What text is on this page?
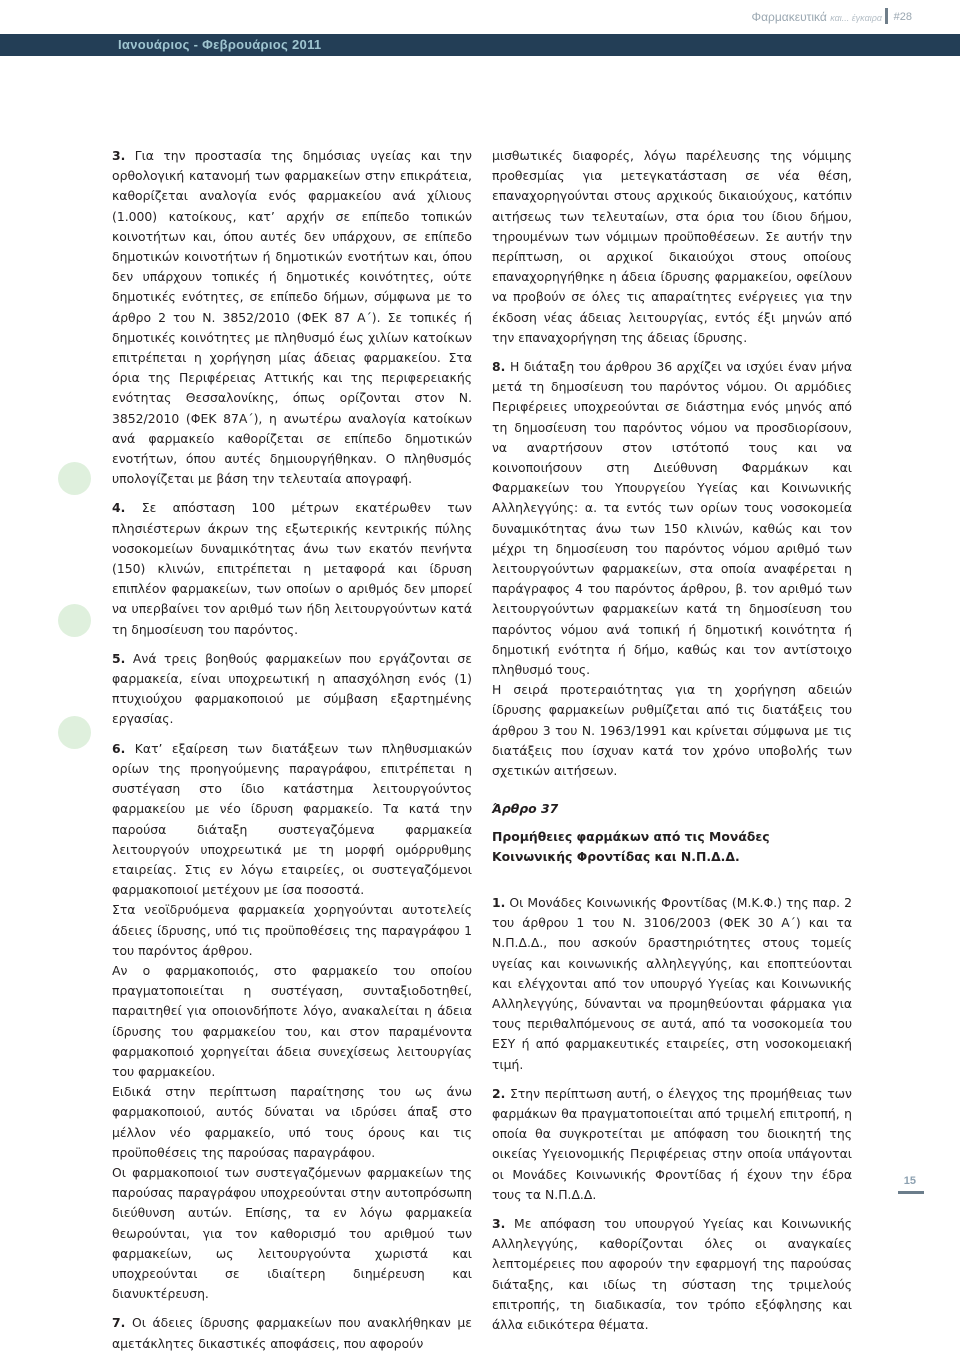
Φαρμακευτικά και... έγκαιρα #28
Ιανουάριος - Φεβρουάριος 2011

3. Για την προστασία της δημόσιας υγείας και την ορθολογική κατανομή των φαρμακείων στην επικράτεια, καθορίζεται αναλογία ενός φαρμακείου ανά χίλιους (1.000) κατοίκους, κατ’ αρχήν σε επίπεδο τοπικών κοινοτήτων και, όπου αυτές δεν υπάρχουν, σε επίπεδο δημοτικών κοινοτήτων ή δημοτικών ενοτήτων και, όπου δεν υπάρχουν τοπικές ή δημοτικές κοινότητες, ούτε δημοτικές ενότητες, σε επίπεδο δήμων, σύμφωνα με το άρθρο 2 του Ν. 3852/2010 (ΦΕΚ 87 Α΄). Σε τοπικές ή δημοτικές κοινότητες με πληθυσμό έως χιλίων κατοίκων επιτρέπεται η χορήγηση μίας άδειας φαρμακείου. Στα όρια της Περιφέρειας Αττικής και της περιφερειακής ενότητας Θεσσαλονίκης, όπως ορίζονται στον Ν. 3852/2010 (ΦΕΚ 87Α΄), η ανωτέρω αναλογία κατοίκων ανά φαρμακείο καθορίζεται σε επίπεδο δημοτικών ενοτήτων, όπου αυτές δημιουργήθηκαν. Ο πληθυσμός υπολογίζεται με βάση την τελευταία απογραφή.

4. Σε απόσταση 100 μέτρων εκατέρωθεν των πλησιέστερων άκρων της εξωτερικής κεντρικής πύλης νοσοκομείων δυναμικότητας άνω των εκατόν πενήντα (150) κλινών, επιτρέπεται η μεταφορά και ίδρυση επιπλέον φαρμακείων, των οποίων ο αριθμός δεν μπορεί να υπερβαίνει τον αριθμό των ήδη λειτουργούντων κατά τη δημοσίευση του παρόντος.

5. Ανά τρεις βοηθούς φαρμακείων που εργάζονται σε φαρμακεία, είναι υποχρεωτική η απασχόληση ενός (1) πτυχιούχου φαρμακοποιού με σύμβαση εξαρτημένης εργασίας.

6. Κατ’ εξαίρεση των διατάξεων των πληθυσμιακών ορίων της προηγούμενης παραγράφου, επιτρέπεται η συστέγαση στο ίδιο κατάστημα λειτουργούντος φαρμακείου με νέο ίδρυση φαρμακείο. Τα κατά την παρούσα διάταξη συστεγαζόμενα φαρμακεία λειτουργούν υποχρεωτικά με τη μορφή ομόρρυθμης εταιρείας. Στις εν λόγω εταιρείες, οι συστεγαζόμενοι φαρμακοποιοί μετέχουν με ίσα ποσοστά.

Στα νεοϊδρυόμενα φαρμακεία χορηγούνται αυτοτελείς άδειες ίδρυσης, υπό τις προϋποθέσεις της παραγράφου 1 του παρόντος άρθρου.

Αν ο φαρμακοποιός, στο φαρμακείο του οποίου πραγματοποιείται η συστέγαση, συνταξιοδοτηθεί, παραιτηθεί για οποιονδήποτε λόγο, ανακαλείται η άδεια ίδρυσης του φαρμακείου του, και στον παραμένοντα φαρμακοποιό χορηγείται άδεια συνεχίσεως λειτουργίας του φαρμακείου.

Ειδικά στην περίπτωση παραίτησης του ως άνω φαρμακοποιού, αυτός δύναται να ιδρύσει άπαξ στο μέλλον νέο φαρμακείο, υπό τους όρους και τις προϋποθέσεις της παρούσας παραγράφου.

Οι φαρμακοποιοί των συστεγαζόμενων φαρμακείων της παρούσας παραγράφου υποχρεούνται στην αυτοπρόσωπη διεύθυνση αυτών. Επίσης, τα εν λόγω φαρμακεία θεωρούνται, για τον καθορισμό του αριθμού των φαρμακείων, ως λειτουργούντα χωριστά και υποχρεούνται σε ιδιαίτερη διηµέρευση και διανυκτέρευση.

7. Οι άδειες ίδρυσης φαρμακείων που ανακλήθηκαν με αμετάκλητες δικαστικές αποφάσεις, που αφορούν

μισθωτικές διαφορές, λόγω παρέλευσης της νόμιμης προθεσμίας για μετεγκατάσταση σε νέα θέση, επαναχορηγούνται στους αρχικούς δικαιούχους, κατόπιν αιτήσεως των τελευταίων, στα όρια του ίδιου δήμου, τηρουμένων των νόμιμων προϋποθέσεων. Σε αυτήν την περίπτωση, οι αρχικοί δικαιούχοι στους οποίους επαναχορηγήθηκε η άδεια ίδρυσης φαρμακείου, οφείλουν να προβούν σε όλες τις απαραίτητες ενέργειες για την έκδοση νέας άδειας λειτουργίας, εντός έξι μηνών από την επαναχορήγηση της άδειας ίδρυσης.

8. Η διάταξη του άρθρου 36 αρχίζει να ισχύει έναν μήνα μετά τη δημοσίευση του παρόντος νόμου. Οι αρμόδιες Περιφέρειες υποχρεούνται σε διάστημα ενός μηνός από τη δημοσίευση του παρόντος νόμου να προσδιορίσουν, να αναρτήσουν στον ιστότοπό τους και να κοινοποιήσουν στη Διεύθυνση Φαρμάκων και Φαρμακείων του Υπουργείου Υγείας και Κοινωνικής Αλληλεγγύης: α. τα εντός των ορίων τους νοσοκομεία δυναμικότητας άνω των 150 κλινών, καθώς και τον μέχρι τη δημοσίευση του παρόντος νόμου αριθμό των λειτουργούντων φαρμακείων, στα οποία αναφέρεται η παράγραφος 4 του παρόντος άρθρου, β. τον αριθμό των λειτουργούντων φαρμακείων κατά τη δημοσίευση του παρόντος νόμου ανά τοπική ή δημοτική κοινότητα ή δημοτική ενότητα ή δήμο, καθώς και τον αντίστοιχο πληθυσμό τους.

Η σειρά προτεραιότητας για τη χορήγηση αδειών ίδρυσης φαρμακείων ρυθμίζεται από τις διατάξεις του άρθρου 3 του Ν. 1963/1991 και κρίνεται σύμφωνα με τις διατάξεις που ίσχυαν κατά τον χρόνο υποβολής των σχετικών αιτήσεων.

Άρθρο 37
Προμήθειες φαρμάκων από τις Μονάδες Κοινωνικής Φροντίδας και Ν.Π.Δ.Δ.

1. Οι Μονάδες Κοινωνικής Φροντίδας (Μ.Κ.Φ.) της παρ. 2 του άρθρου 1 του Ν. 3106/2003 (ΦΕΚ 30 Α΄) και τα Ν.Π.Δ.Δ., που ασκούν δραστηριότητες στους τομείς υγείας και κοινωνικής αλληλεγγύης, και εποπτεύονται και ελέγχονται από τον υπουργό Υγείας και Κοινωνικής Αλληλεγγύης, δύνανται να προμηθεύονται φάρμακα για τους περιθαλπόμενους σε αυτά, από τα νοσοκομεία του ΕΣΥ ή από φαρμακευτικές εταιρείες, στη νοσοκομειακή τιμή.

2. Στην περίπτωση αυτή, ο έλεγχος της προμήθειας των φαρμάκων θα πραγματοποιείται από τριμελή επιτροπή, η οποία θα συγκροτείται με απόφαση του διοικητή της οικείας Υγειονομικής Περιφέρειας στην οποία υπάγονται οι Μονάδες Κοινωνικής Φροντίδας ή έχουν την έδρα τους τα Ν.Π.Δ.Δ.

3. Με απόφαση του υπουργού Υγείας και Κοινωνικής Αλληλεγγύης, καθορίζονται όλες οι αναγκαίες λεπτομέρειες που αφορούν την εφαρμογή της παρούσας διάταξης, και ιδίως τη σύσταση της τριμελούς επιτροπής, τη διαδικασία, τον τρόπο εξόφλησης και άλλα ειδικότερα θέματα.

15
